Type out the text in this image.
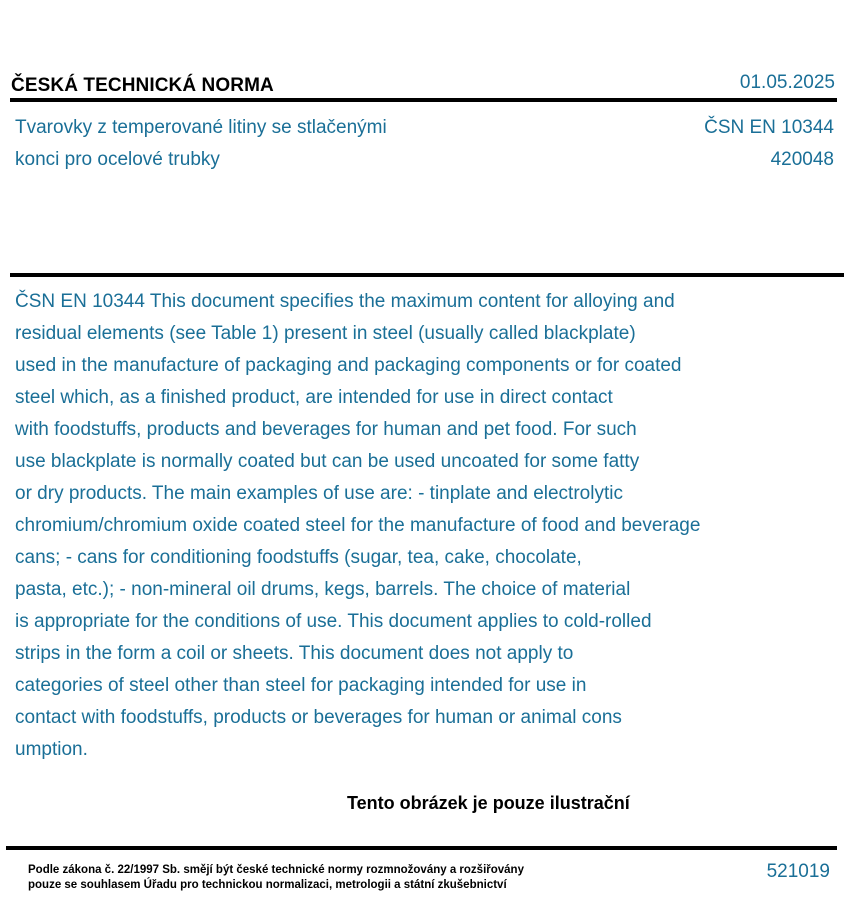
ČESKÁ TECHNICKÁ NORMA	01.05.2025
Tvarovky z temperované litiny se stlačenými
konci pro ocelové trubky
ČSN EN 10344
420048
ČSN EN 10344 This document specifies the maximum content for alloying and
residual elements (see Table 1) present in steel (usually called blackplate)
used in the manufacture of packaging and packaging components or for coated
steel which, as a finished product, are intended for use in direct contact
with foodstuffs, products and beverages for human and pet food. For such
use blackplate is normally coated but can be used uncoated for some fatty
or dry products. The main examples of use are: - tinplate and electrolytic
chromium/chromium oxide coated steel for the manufacture of food and beverage
cans; - cans for conditioning foodstuffs (sugar, tea, cake, chocolate,
pasta, etc.); - non-mineral oil drums, kegs, barrels. The choice of material
is appropriate for the conditions of use. This document applies to cold-rolled
strips in the form a coil or sheets. This document does not apply to
categories of steel other than steel for packaging intended for use in
contact with foodstuffs, products or beverages for human or animal cons
umption.
Tento obrázek je pouze ilustrační
Podle zákona č. 22/1997 Sb. smějí být české technické normy rozmnožovány a rozšiřovány
pouze se souhlasem Úřadu pro technickou normalizaci, metrologii a státní zkušebnictví
521019
